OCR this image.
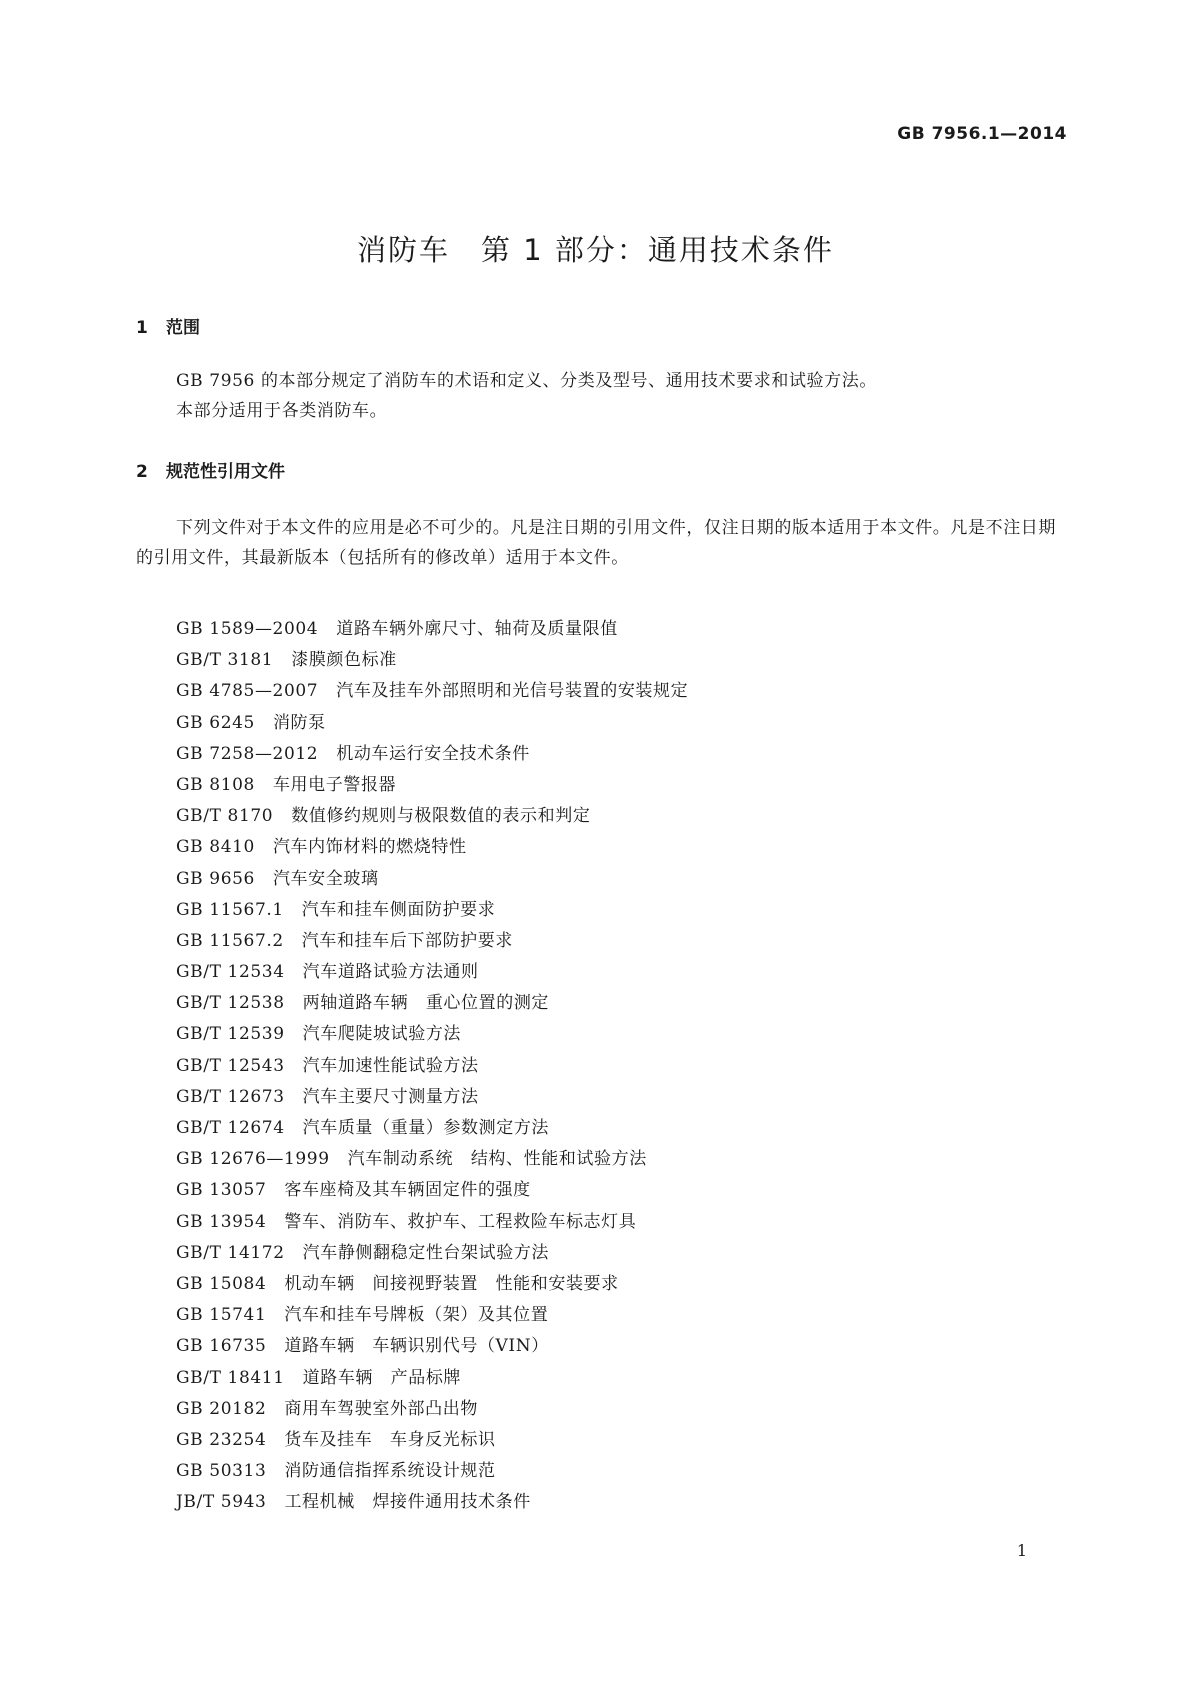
GB 7956.1—2014
消防车　第 1 部分：通用技术条件
1 范围

GB 7956 的本部分规定了消防车的术语和定义、分类及型号、通用技术要求和试验方法。

本部分适用于各类消防车。

2 规范性引用文件

下列文件对于本文件的应用是必不可少的。凡是注日期的引用文件，仅注日期的版本适用于本文件。凡是不注日期的引用文件，其最新版本（包括所有的修改单）适用于本文件。

GB 1589—2004 道路车辆外廓尺寸、轴荷及质量限值
GB/T 3181 漆膜颜色标准
GB 4785—2007 汽车及挂车外部照明和光信号装置的安装规定
GB 6245 消防泵
GB 7258—2012 机动车运行安全技术条件
GB 8108 车用电子警报器
GB/T 8170 数值修约规则与极限数值的表示和判定
GB 8410 汽车内饰材料的燃烧特性
GB 9656 汽车安全玻璃
GB 11567.1 汽车和挂车侧面防护要求
GB 11567.2 汽车和挂车后下部防护要求
GB/T 12534 汽车道路试验方法通则
GB/T 12538 两轴道路车辆　重心位置的测定
GB/T 12539 汽车爬陡坡试验方法
GB/T 12543 汽车加速性能试验方法
GB/T 12673 汽车主要尺寸测量方法
GB/T 12674 汽车质量（重量）参数测定方法
GB 12676—1999 汽车制动系统　结构、性能和试验方法
GB 13057 客车座椅及其车辆固定件的强度
GB 13954 警车、消防车、救护车、工程救险车标志灯具
GB/T 14172 汽车静侧翻稳定性台架试验方法
GB 15084 机动车辆　间接视野装置　性能和安装要求
GB 15741 汽车和挂车号牌板（架）及其位置
GB 16735 道路车辆　车辆识别代号（VIN）
GB/T 18411 道路车辆　产品标牌
GB 20182 商用车驾驶室外部凸出物
GB 23254 货车及挂车　车身反光标识
GB 50313 消防通信指挥系统设计规范
JB/T 5943 工程机械　焊接件通用技术条件
1
